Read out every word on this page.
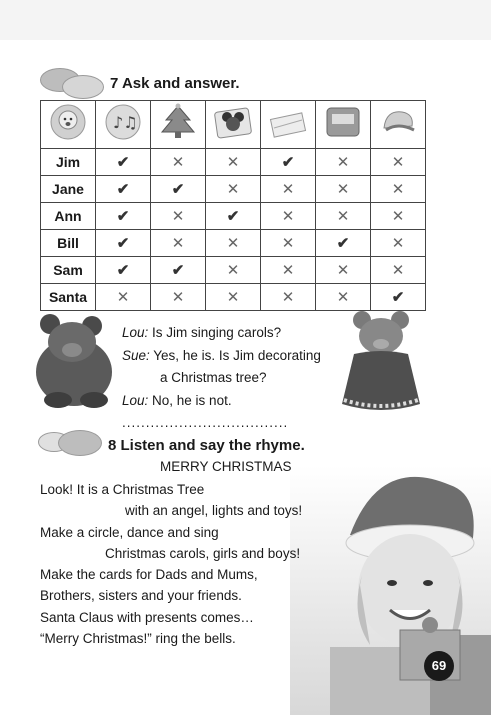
7 Ask and answer.

♪♫

Jim	✔	✕	✕	✔	✕	✕
Jane	✔	✔	✕	✕	✕	✕
Ann	✔	✕	✔	✕	✕	✕
Bill	✔	✕	✕	✕	✔	✕
Sam	✔	✔	✕	✕	✕	✕
Santa	✕	✕	✕	✕	✕	✔
Lou: Is Jim singing carols?
Sue: Yes, he is. Is Jim decorating
a Christmas tree?
Lou: No, he is not.
...................................
8 Listen and say the rhyme.
MERRY CHRISTMAS
Look! It is a Christmas Tree
with an angel, lights and toys!
Make a circle, dance and sing
Christmas carols, girls and boys!
Make the cards for Dads and Mums,
Brothers, sisters and your friends.
Santa Claus with presents comes…
“Merry Christmas!” ring the bells.
69
